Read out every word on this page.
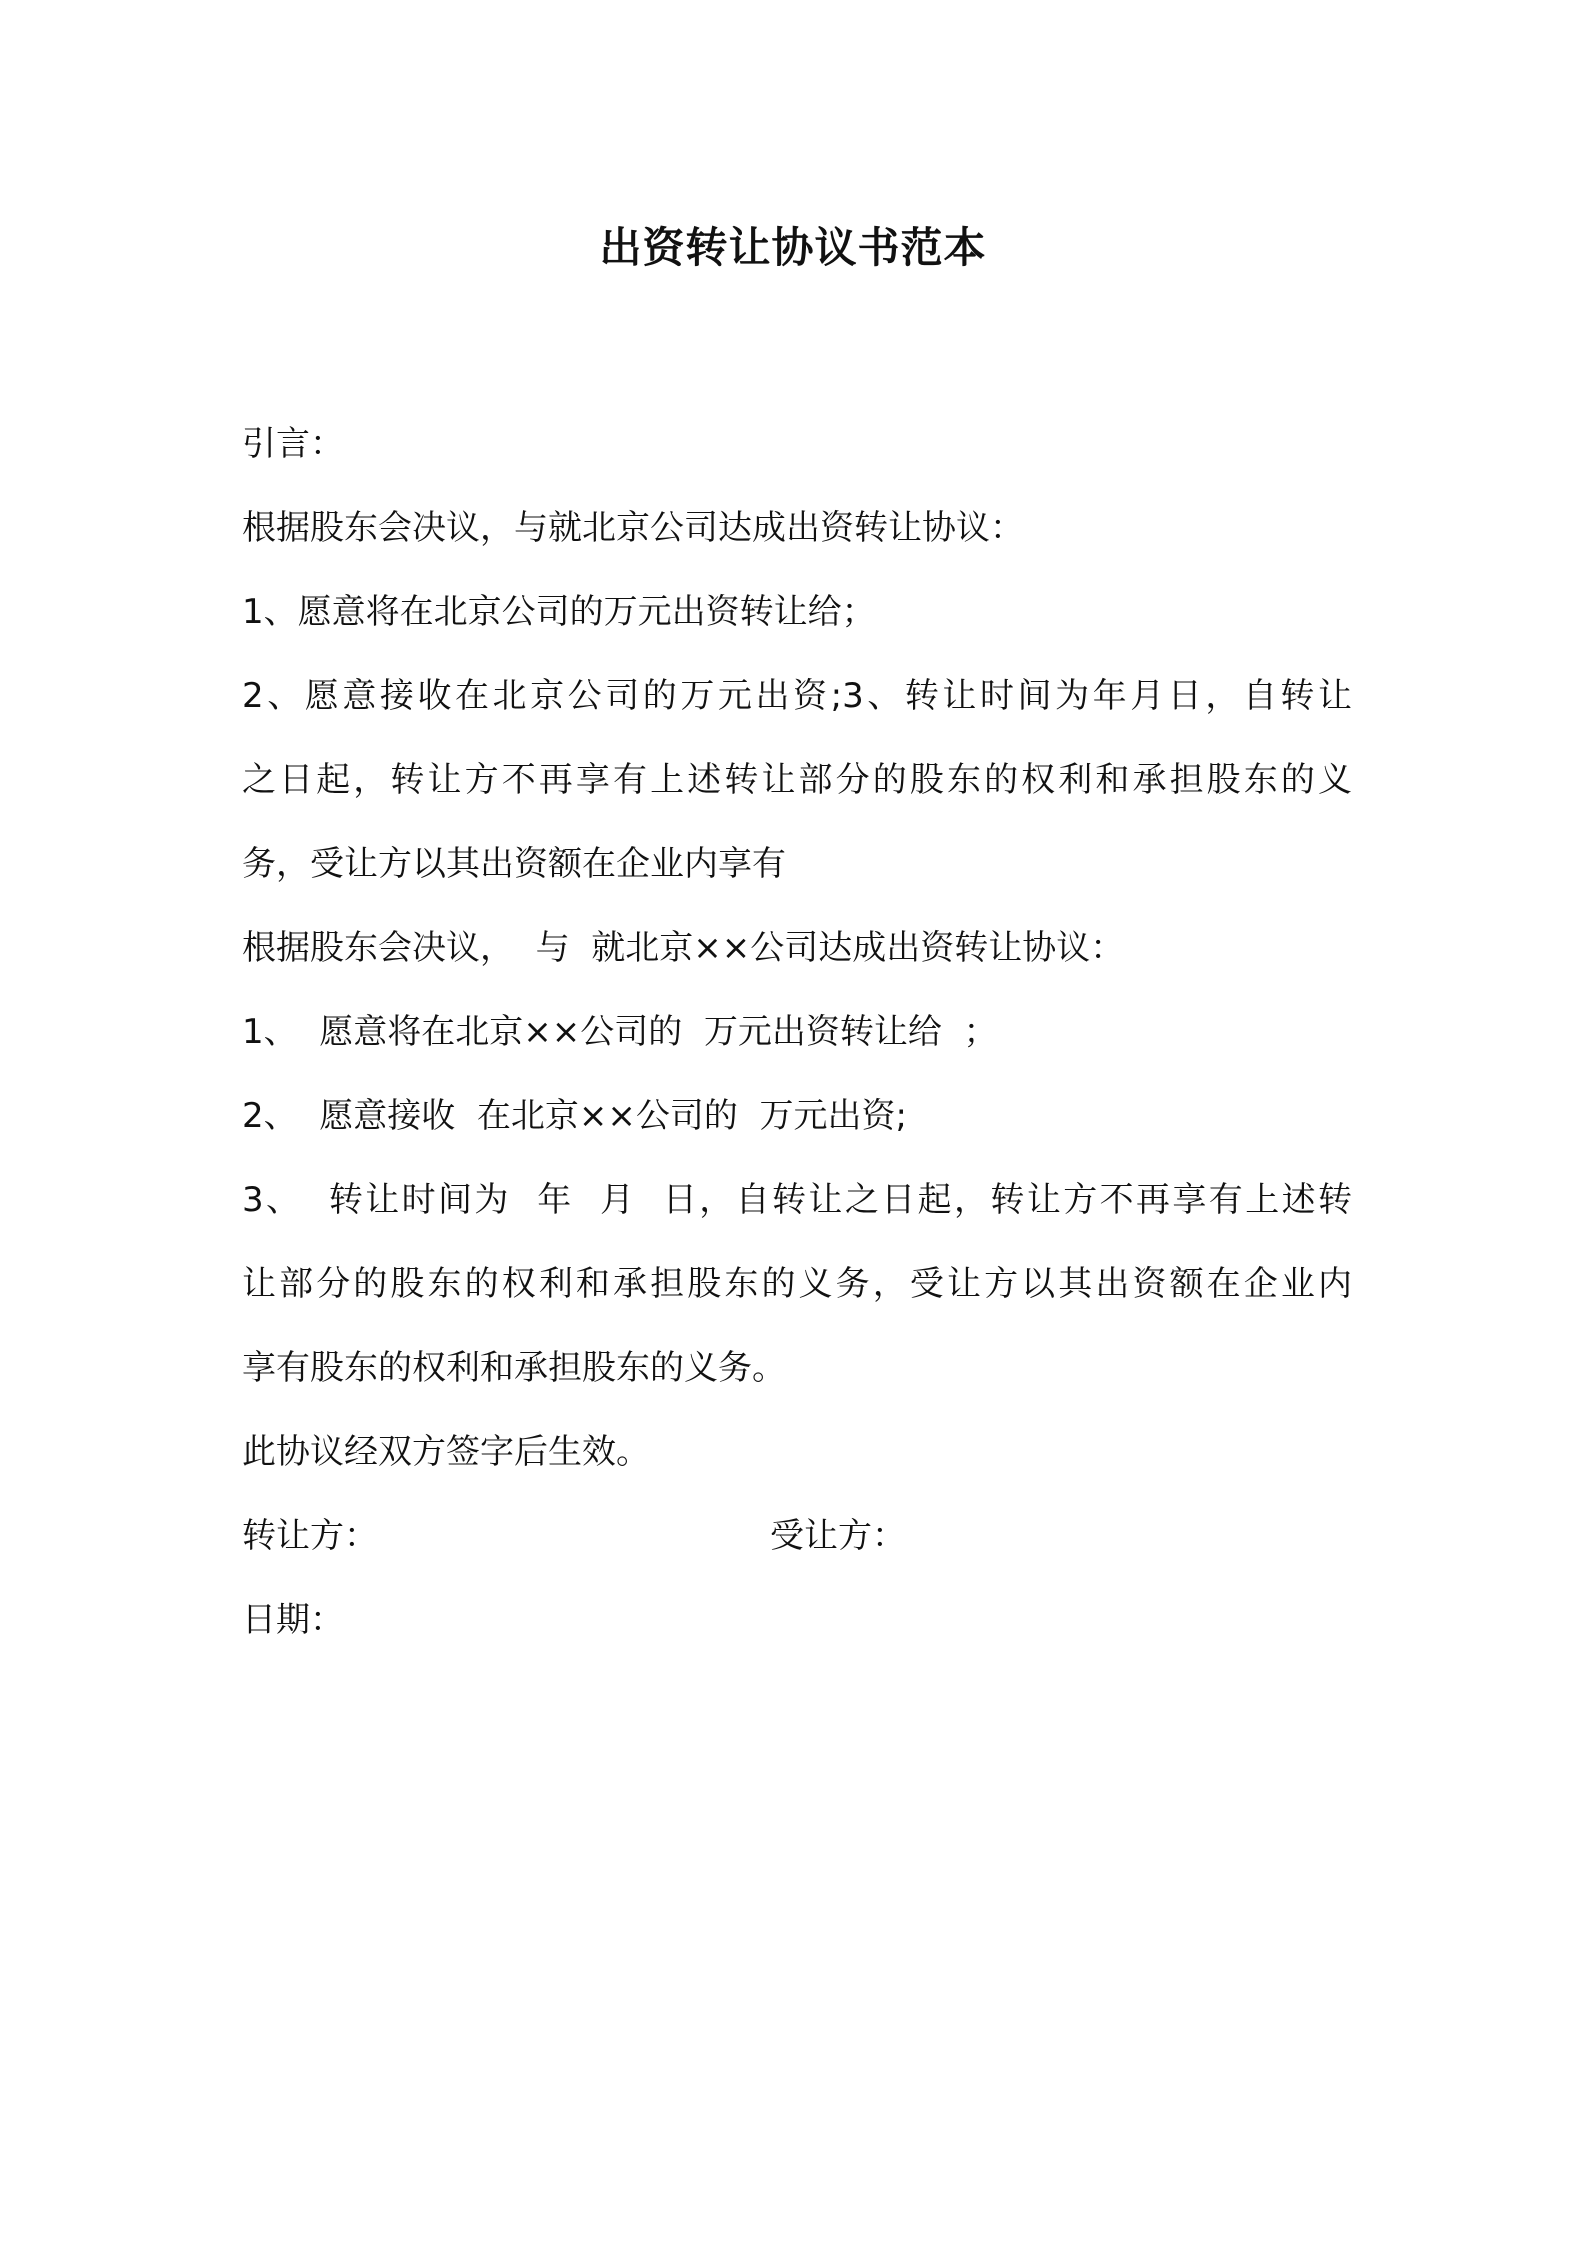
出资转让协议书范本
引言：
根据股东会决议，与就北京公司达成出资转让协议：
1、愿意将在北京公司的万元出资转让给；
2、愿意接收在北京公司的万元出资;3、转让时间为年月日，自转让
之日起，转让方不再享有上述转让部分的股东的权利和承担股东的义
务，受让方以其出资额在企业内享有
根据股东会决议，  与  就北京××公司达成出资转让协议：
1、  愿意将在北京××公司的  万元出资转让给  ；
2、  愿意接收  在北京××公司的  万元出资;
3、  转让时间为  年  月  日，自转让之日起，转让方不再享有上述转
让部分的股东的权利和承担股东的义务，受让方以其出资额在企业内
享有股东的权利和承担股东的义务。
此协议经双方签字后生效。
转让方：	受让方：
日期：
